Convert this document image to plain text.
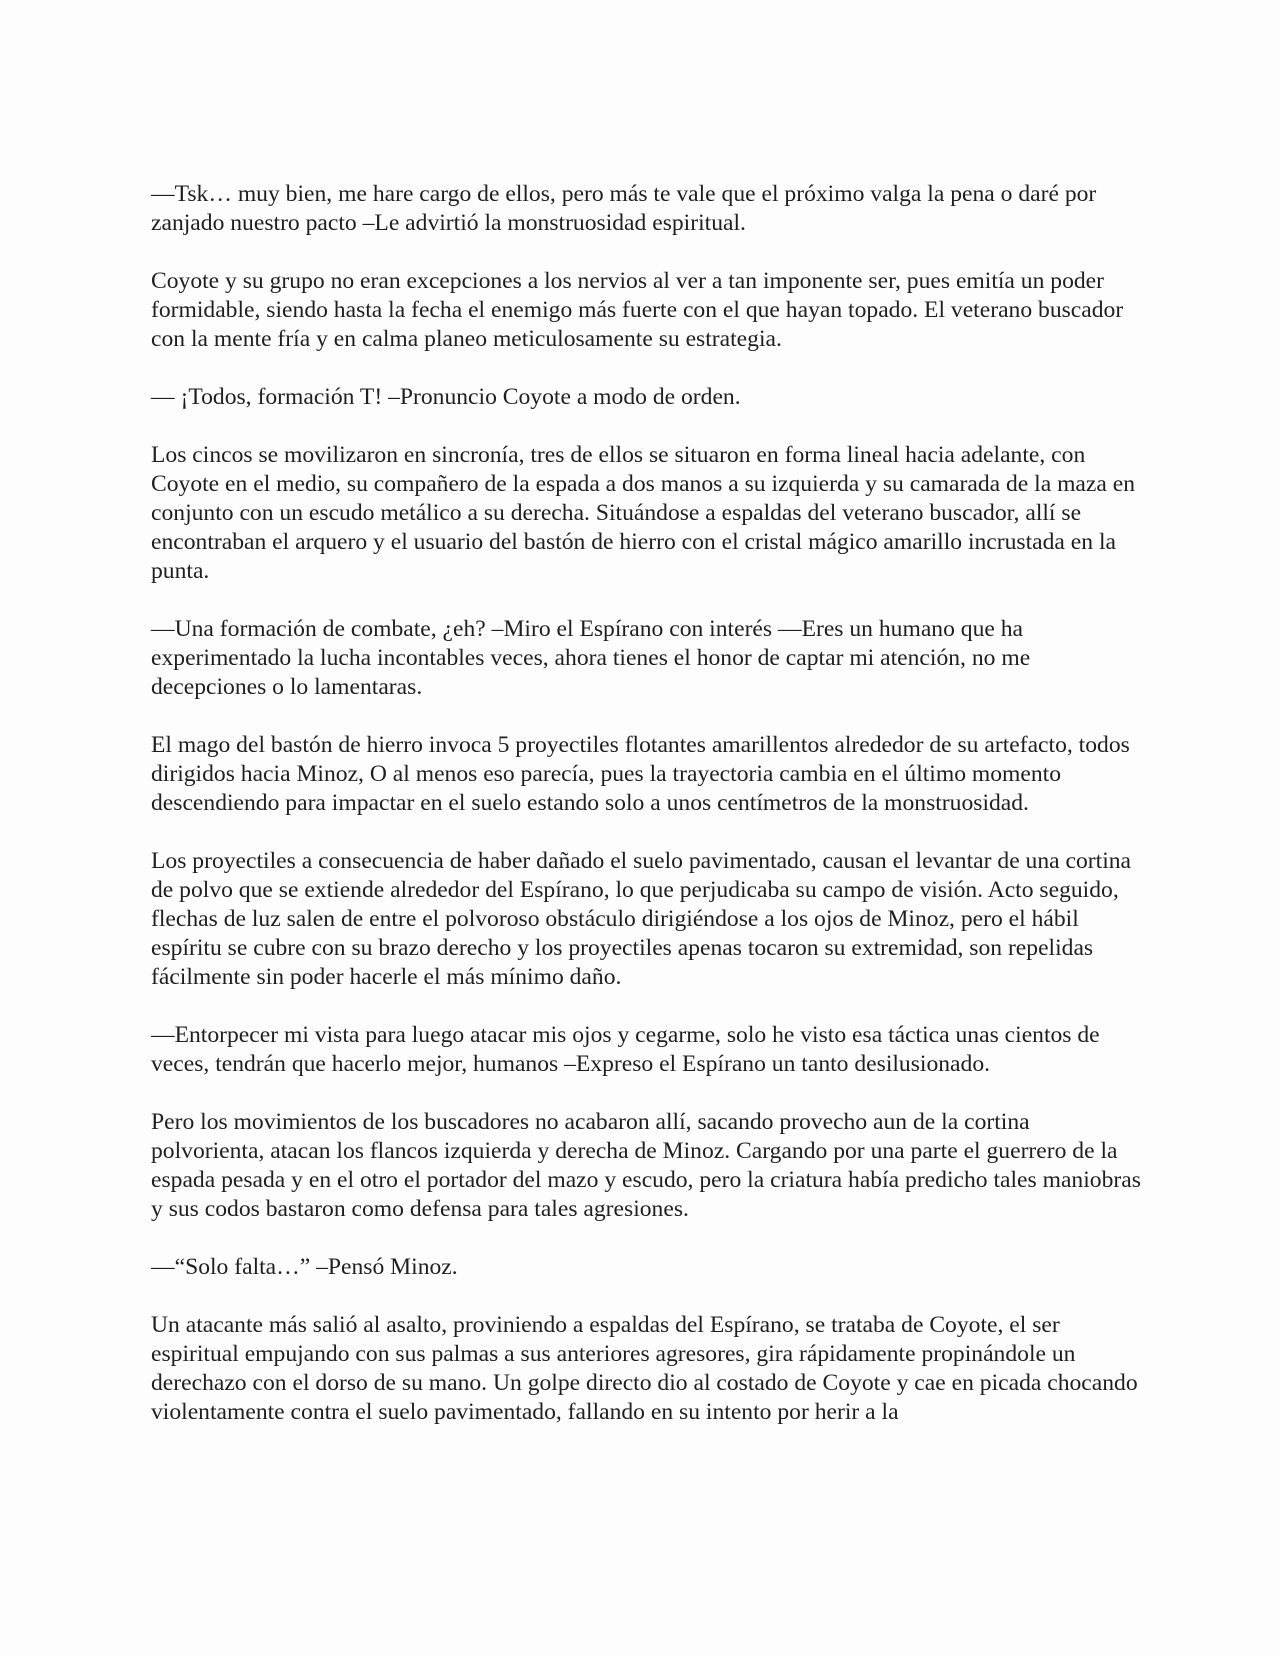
—Tsk… muy bien, me hare cargo de ellos, pero más te vale que el próximo valga la pena o daré por zanjado nuestro pacto –Le advirtió la monstruosidad espiritual.

Coyote y su grupo no eran excepciones a los nervios al ver a tan imponente ser, pues emitía un poder formidable, siendo hasta la fecha el enemigo más fuerte con el que hayan topado. El veterano buscador con la mente fría y en calma planeo meticulosamente su estrategia.

— ¡Todos, formación T! –Pronuncio Coyote a modo de orden.

Los cincos se movilizaron en sincronía, tres de ellos se situaron en forma lineal hacia adelante, con Coyote en el medio, su compañero de la espada a dos manos a su izquierda y su camarada de la maza en conjunto con un escudo metálico a su derecha. Situándose a espaldas del veterano buscador, allí se encontraban el arquero y el usuario del bastón de hierro con el cristal mágico amarillo incrustada en la punta.

—Una formación de combate, ¿eh? –Miro el Espírano con interés —Eres un humano que ha experimentado la lucha incontables veces, ahora tienes el honor de captar mi atención, no me decepciones o lo lamentaras.

El mago del bastón de hierro invoca 5 proyectiles flotantes amarillentos alrededor de su artefacto, todos dirigidos hacia Minoz, O al menos eso parecía, pues la trayectoria cambia en el último momento descendiendo para impactar en el suelo estando solo a unos centímetros de la monstruosidad.

Los proyectiles a consecuencia de haber dañado el suelo pavimentado, causan el levantar de una cortina de polvo que se extiende alrededor del Espírano, lo que perjudicaba su campo de visión. Acto seguido, flechas de luz salen de entre el polvoroso obstáculo dirigiéndose a los ojos de Minoz, pero el hábil espíritu se cubre con su brazo derecho y los proyectiles apenas tocaron su extremidad, son repelidas fácilmente sin poder hacerle el más mínimo daño.

—Entorpecer mi vista para luego atacar mis ojos y cegarme, solo he visto esa táctica unas cientos de veces, tendrán que hacerlo mejor, humanos –Expreso el Espírano un tanto desilusionado.

Pero los movimientos de los buscadores no acabaron allí, sacando provecho aun de la cortina polvorienta, atacan los flancos izquierda y derecha de Minoz. Cargando por una parte el guerrero de la espada pesada y en el otro el portador del mazo y escudo, pero la criatura había predicho tales maniobras y sus codos bastaron como defensa para tales agresiones.

—“Solo falta…” –Pensó Minoz.

Un atacante más salió al asalto, proviniendo a espaldas del Espírano, se trataba de Coyote, el ser espiritual empujando con sus palmas a sus anteriores agresores, gira rápidamente propinándole un derechazo con el dorso de su mano. Un golpe directo dio al costado de Coyote y cae en picada chocando violentamente contra el suelo pavimentado, fallando en su intento por herir a la
